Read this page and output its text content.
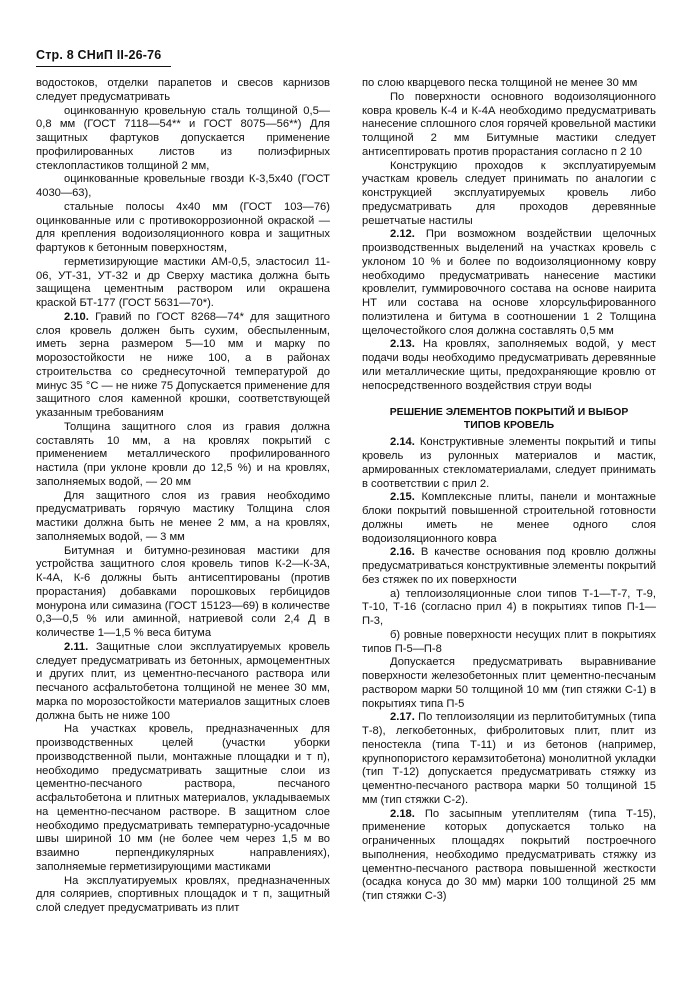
Стр. 8 СНиП II-26-76

водостоков, отделки парапетов и свесов карнизов следует предусматривать

оцинкованную кровельную сталь толщиной 0,5—0,8 мм (ГОСТ 7118—54** и ГОСТ 8075—56**) Для защитных фартуков допускается применение профилированных листов из полиэфирных стеклопластиков толщиной 2 мм,

оцинкованные кровельные гвозди К-3,5х40 (ГОСТ 4030—63),

стальные полосы 4х40 мм (ГОСТ 103—76) оцинкованные или с противокоррозионной окраской — для крепления водоизоляционного ковра и защитных фартуков к бетонным поверхностям,

герметизирующие мастики АМ-0,5, эластосил 11-06, УТ-31, УТ-32 и др Сверху мастика должна быть защищена цементным раствором или окрашена краской БТ-177 (ГОСТ 5631—70*).

2.10. Гравий по ГОСТ 8268—74* для защитного слоя кровель должен быть сухим, обеспыленным, иметь зерна размером 5—10 мм и марку по морозостойкости не ниже 100, а в районах строительства со среднесуточной температурой до минус 35 °С — не ниже 75 Допускается применение для защитного слоя каменной крошки, соответствующей указанным требованиям

Толщина защитного слоя из гравия должна составлять 10 мм, а на кровлях покрытий с применением металлического профилированного настила (при уклоне кровли до 12,5 %) и на кровлях, заполняемых водой, — 20 мм

Для защитного слоя из гравия необходимо предусматривать горячую мастику Толщина слоя мастики должна быть не менее 2 мм, а на кровлях, заполняемых водой, — 3 мм

Битумная и битумно-резиновая мастики для устройства защитного слоя кровель типов К-2—К-3А, К-4А, К-6 должны быть антисептированы (против прорастания) добавками порошковых гербицидов монурона или симазина (ГОСТ 15123—69) в количестве 0,3—0,5 % или аминной, натриевой соли 2,4 Д в количестве 1—1,5 % веса битума

2.11. Защитные слои эксплуатируемых кровель следует предусматривать из бетонных, армоцементных и других плит, из цементно-песчаного раствора или песчаного асфальтобетона толщиной не менее 30 мм, марка по морозостойкости материалов защитных слоев должна быть не ниже 100

На участках кровель, предназначенных для производственных целей (участки уборки производственной пыли, монтажные площадки и т п), необходимо предусматривать защитные слои из цементно-песчаного раствора, песчаного асфальтобетона и плитных материалов, укладываемых на цементно-песчаном растворе. В защитном слое необходимо предусматривать температурно-усадочные швы шириной 10 мм (не более чем через 1,5 м во взаимно перпендикулярных направлениях), заполняемые герметизирующими мастиками

На эксплуатируемых кровлях, предназначенных для соляриев, спортивных площадок и т п, защитный слой следует предусматривать из плит

по слою кварцевого песка толщиной не менее 30 мм

По поверхности основного водоизоляционного ковра кровель К-4 и К-4А необходимо предусматривать нанесение сплошного слоя горячей кровельной мастики толщиной 2 мм Битумные мастики следует антисептировать против прорастания согласно п 2 10

Конструкцию проходов к эксплуатируемым участкам кровель следует принимать по аналогии с конструкцией эксплуатируемых кровель либо предусматривать для проходов деревянные решетчатые настилы

2.12. При возможном воздействии щелочных производственных выделений на участках кровель с уклоном 10 % и более по водоизоляционному ковру необходимо предусматривать нанесение мастики кровлелит, гуммировочного состава на основе наирита НТ или состава на основе хлорсульфированного полиэтилена и битума в соотношении 1 2 Толщина щелочестойкого слоя должна составлять 0,5 мм

2.13. На кровлях, заполняемых водой, у мест подачи воды необходимо предусматривать деревянные или металлические щиты, предохраняющие кровлю от непосредственного воздействия струи воды

РЕШЕНИЕ ЭЛЕМЕНТОВ ПОКРЫТИЙ И ВЫБОР
ТИПОВ КРОВЕЛЬ

2.14. Конструктивные элементы покрытий и типы кровель из рулонных материалов и мастик, армированных стекломатериалами, следует принимать в соответствии с прил 2.

2.15. Комплексные плиты, панели и монтажные блоки покрытий повышенной строительной готовности должны иметь не менее одного слоя водоизоляционного ковра

2.16. В качестве основания под кровлю должны предусматриваться конструктивные элементы покрытий без стяжек по их поверхности

а) теплоизоляционные слои типов Т-1—Т-7, Т-9, Т-10, Т-16 (согласно прил 4) в покрытиях типов П-1—П-3,

б) ровные поверхности несущих плит в покрытиях типов П-5—П-8

Допускается предусматривать выравнивание поверхности железобетонных плит цементно-песчаным раствором марки 50 толщиной 10 мм (тип стяжки С-1) в покрытиях типа П-5

2.17. По теплоизоляции из перлитобитумных (типа Т-8), легкобетонных, фибролитовых плит, плит из пеностекла (типа Т-11) и из бетонов (например, крупнопористого керамзитобетона) монолитной укладки (тип Т-12) допускается предусматривать стяжку из цементно-песчаного раствора марки 50 толщиной 15 мм (тип стяжки С-2).

2.18. По засыпным утеплителям (типа Т-15), применение которых допускается только на ограниченных площадях покрытий построечного выполнения, необходимо предусматривать стяжку из цементно-песчаного раствора повышенной жесткости (осадка конуса до 30 мм) марки 100 толщиной 25 мм (тип стяжки С-3)
